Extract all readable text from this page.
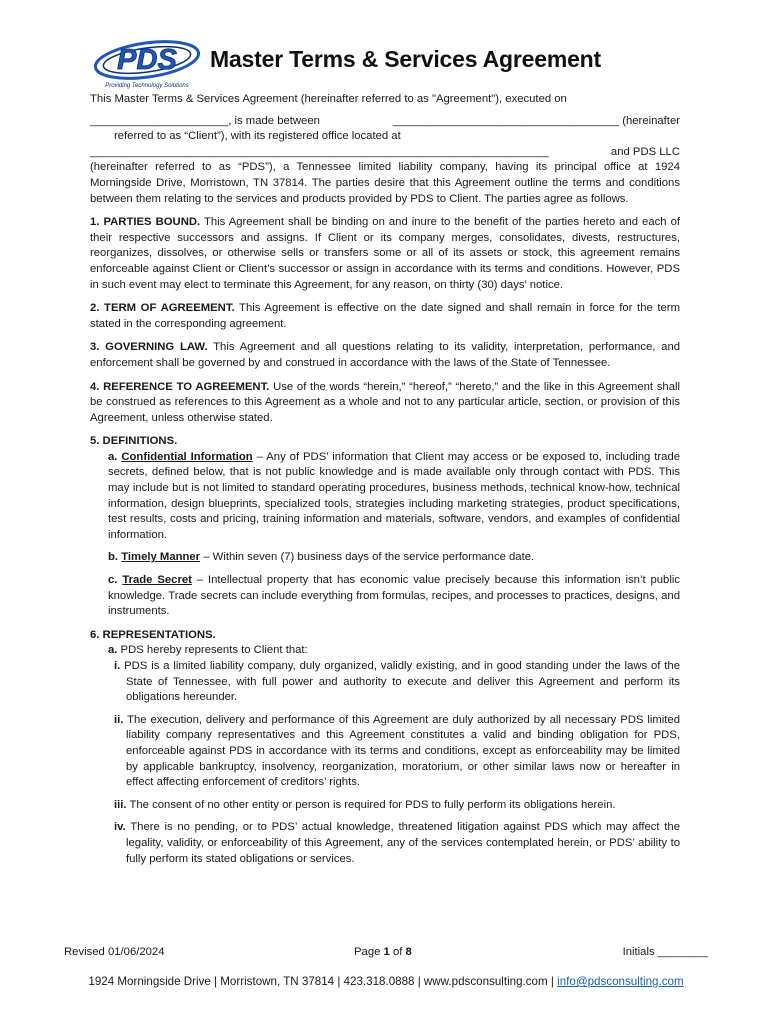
PDS
Providing Technology Solutions
Master Terms & Services Agreement

This Master Terms & Services Agreement (hereinafter referred to as "Agreement"), executed on

______________________, is made between	____________________________________ (hereinafter

referred to as “Client”), with its registered office located at

_________________________________________________________________________	and PDS LLC

(hereinafter referred to as “PDS”), a Tennessee limited liability company, having its principal office at 1924 Morningside Drive, Morristown, TN 37814. The parties desire that this Agreement outline the terms and conditions between them relating to the services and products provided by PDS to Client. The parties agree as follows.

1. PARTIES BOUND. This Agreement shall be binding on and inure to the benefit of the parties hereto and each of their respective successors and assigns. If Client or its company merges, consolidates, divests, restructures, reorganizes, dissolves, or otherwise sells or transfers some or all of its assets or stock, this agreement remains enforceable against Client or Client’s successor or assign in accordance with its terms and conditions. However, PDS in such event may elect to terminate this Agreement, for any reason, on thirty (30) days’ notice.

2. TERM OF AGREEMENT. This Agreement is effective on the date signed and shall remain in force for the term stated in the corresponding agreement.

3. GOVERNING LAW. This Agreement and all questions relating to its validity, interpretation, performance, and enforcement shall be governed by and construed in accordance with the laws of the State of Tennessee.

4. REFERENCE TO AGREEMENT. Use of the words “herein,” “hereof,” “hereto,” and the like in this Agreement shall be construed as references to this Agreement as a whole and not to any particular article, section, or provision of this Agreement, unless otherwise stated.

5. DEFINITIONS.

a. Confidential Information – Any of PDS’ information that Client may access or be exposed to, including trade secrets, defined below, that is not public knowledge and is made available only through contact with PDS. This may include but is not limited to standard operating procedures, business methods, technical know-how, technical information, design blueprints, specialized tools, strategies including marketing strategies, product specifications, test results, costs and pricing, training information and materials, software, vendors, and examples of confidential information.

b. Timely Manner – Within seven (7) business days of the service performance date.

c. Trade Secret – Intellectual property that has economic value precisely because this information isn’t public knowledge. Trade secrets can include everything from formulas, recipes, and processes to practices, designs, and instruments.

6. REPRESENTATIONS.

a. PDS hereby represents to Client that:

i. PDS is a limited liability company, duly organized, validly existing, and in good standing under the laws of the State of Tennessee, with full power and authority to execute and deliver this Agreement and perform its obligations hereunder.

ii. The execution, delivery and performance of this Agreement are duly authorized by all necessary PDS limited liability company representatives and this Agreement constitutes a valid and binding obligation for PDS, enforceable against PDS in accordance with its terms and conditions, except as enforceability may be limited by applicable bankruptcy, insolvency, reorganization, moratorium, or other similar laws now or hereafter in effect affecting enforcement of creditors’ rights.

iii. The consent of no other entity or person is required for PDS to fully perform its obligations herein.

iv. There is no pending, or to PDS’ actual knowledge, threatened litigation against PDS which may affect the legality, validity, or enforceability of this Agreement, any of the services contemplated herein, or PDS’ ability to fully perform its stated obligations or services.

Revised 01/06/2024	Page 1 of 8	Initials ________
1924 Morningside Drive | Morristown, TN 37814 | 423.318.0888 | www.pdsconsulting.com | info@pdsconsulting.com
